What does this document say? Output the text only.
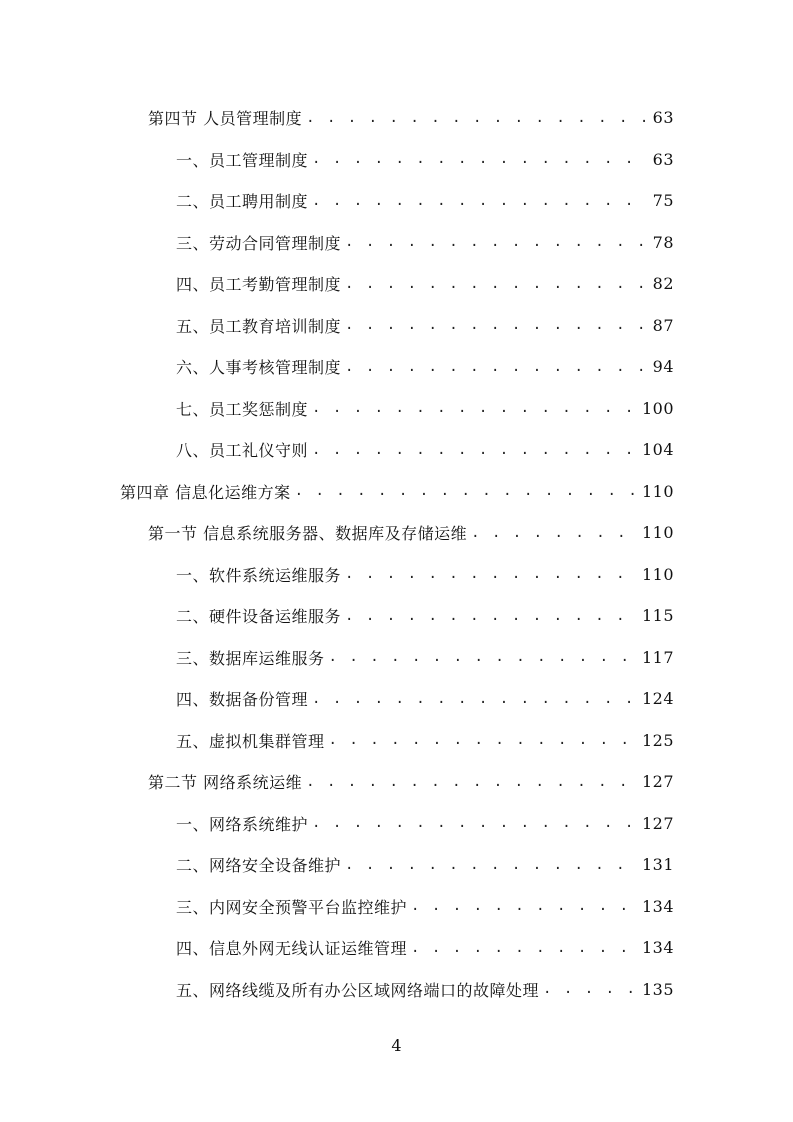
第四节 人员管理制度 . . .	63
一、员工管理制度 . . .	63
二、员工聘用制度 . . .	75
三、劳动合同管理制度 . . .	78
四、员工考勤管理制度 . . .	82
五、员工教育培训制度 . . .	87
六、人事考核管理制度 . . .	94
七、员工奖惩制度 . . .	100
八、员工礼仪守则 . . .	104
第四章 信息化运维方案 . . .	110
第一节 信息系统服务器、数据库及存储运维 . . .	110
一、软件系统运维服务 . . .	110
二、硬件设备运维服务 . . .	115
三、数据库运维服务 . . .	117
四、数据备份管理 . . .	124
五、虚拟机集群管理 . . .	125
第二节 网络系统运维 . . .	127
一、网络系统维护 . . .	127
二、网络安全设备维护 . . .	131
三、内网安全预警平台监控维护 . . .	134
四、信息外网无线认证运维管理 . . .	134
五、网络线缆及所有办公区域网络端口的故障处理 . . .	135
4
